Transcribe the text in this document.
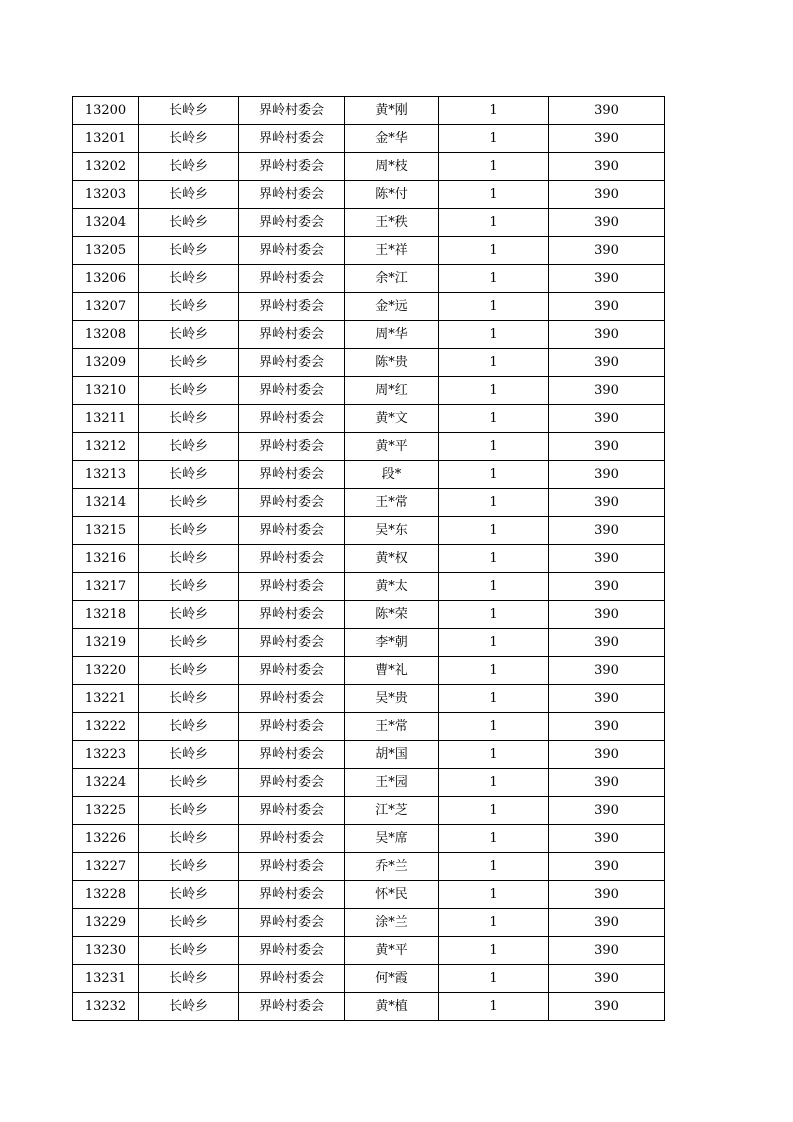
13200	长岭乡	界岭村委会	黄*刚	1	390
13201	长岭乡	界岭村委会	金*华	1	390
13202	长岭乡	界岭村委会	周*枝	1	390
13203	长岭乡	界岭村委会	陈*付	1	390
13204	长岭乡	界岭村委会	王*秩	1	390
13205	长岭乡	界岭村委会	王*祥	1	390
13206	长岭乡	界岭村委会	余*江	1	390
13207	长岭乡	界岭村委会	金*远	1	390
13208	长岭乡	界岭村委会	周*华	1	390
13209	长岭乡	界岭村委会	陈*贵	1	390
13210	长岭乡	界岭村委会	周*红	1	390
13211	长岭乡	界岭村委会	黄*文	1	390
13212	长岭乡	界岭村委会	黄*平	1	390
13213	长岭乡	界岭村委会	段*	1	390
13214	长岭乡	界岭村委会	王*常	1	390
13215	长岭乡	界岭村委会	吴*东	1	390
13216	长岭乡	界岭村委会	黄*权	1	390
13217	长岭乡	界岭村委会	黄*太	1	390
13218	长岭乡	界岭村委会	陈*荣	1	390
13219	长岭乡	界岭村委会	李*朝	1	390
13220	长岭乡	界岭村委会	曹*礼	1	390
13221	长岭乡	界岭村委会	吴*贵	1	390
13222	长岭乡	界岭村委会	王*常	1	390
13223	长岭乡	界岭村委会	胡*国	1	390
13224	长岭乡	界岭村委会	王*园	1	390
13225	长岭乡	界岭村委会	江*芝	1	390
13226	长岭乡	界岭村委会	吴*席	1	390
13227	长岭乡	界岭村委会	乔*兰	1	390
13228	长岭乡	界岭村委会	怀*民	1	390
13229	长岭乡	界岭村委会	涂*兰	1	390
13230	长岭乡	界岭村委会	黄*平	1	390
13231	长岭乡	界岭村委会	何*霞	1	390
13232	长岭乡	界岭村委会	黄*植	1	390
